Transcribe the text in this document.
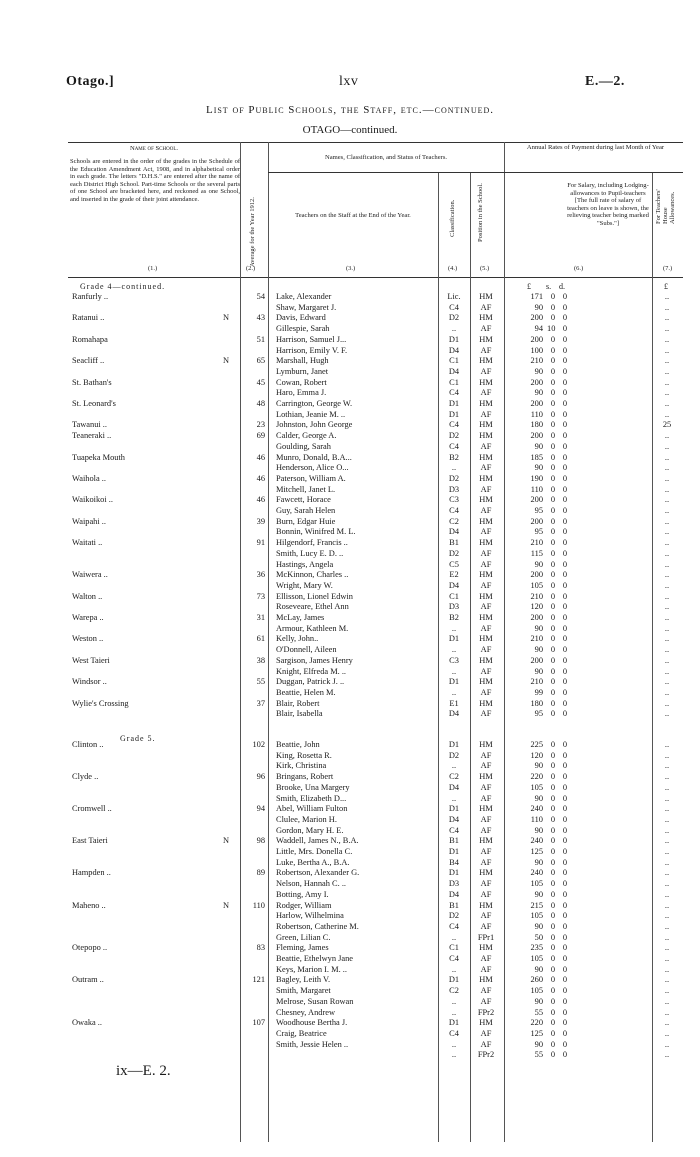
Otago.]	lxv	E.—2.
List of Public Schools, the Staff, etc.—continued.
OTAGO—continued.
Name of School.
Schools are entered in the order of the grades in the Schedule of the Education Amendment Act, 1908, and in alphabetical order in each grade. The letters "D.H.S." are entered after the name of each District High School. Part-time Schools or the several parts of one School are bracketed here, and reckoned as one School, and inserted in the grade of their joint attendance.	Average for the Year 1912.
Names, Classification, and Status of Teachers.
Teachers on the Staff at the End of the Year.	Classification.	Position in the School.
Annual Rates of Payment during last Month of Year
For Salary, including Lodging-allowances to Pupil-teachers [The full rate of salary of teachers on leave is shown, the relieving teacher being marked "Subs."]	For Teachers' House Allowances.
(1.)	(2.)	(3.)	(4.)	(5.)	(6.)	(7.)
Grade 4—continued.	£ s. d.	£
Ranfurly ..	54 Lake, Alexander	Lic.	HM	171 0 0	..
Shaw, Margaret J.	C4	AF	90 0 0	..
Ratanui ..	N	43 Davis, Edward	D2	HM	200 0 0	..
Gillespie, Sarah	..	AF	94 10 0	..
Romahapa	51 Harrison, Samuel J...	D1	HM	200 0 0	..
Harrison, Emily V. F.	D4	AF	100 0 0	..
Seacliff ..	N	65 Marshall, Hugh	C1	HM	210 0 0	..
Lymburn, Janet	D4	AF	90 0 0	..
St. Bathan's	45 Cowan, Robert	C1	HM	200 0 0	..
Haro, Emma J.	C4	AF	90 0 0	..
St. Leonard's	48 Carrington, George W.	D1	HM	200 0 0	..
Lothian, Jeanie M. ..	D1	AF	110 0 0	..
Tawanui ..	23 Johnston, John George	C4	HM	180 0 0	25
Teaneraki ..	69 Calder, George A.	D2	HM	200 0 0	..
Goulding, Sarah	C4	AF	90 0 0	..
Tuapeka Mouth	46 Munro, Donald, B.A...	B2	HM	185 0 0	..
Henderson, Alice O...	..	AF	90 0 0	..
Waihola ..	46 Paterson, William A.	D2	HM	190 0 0	..
Mitchell, Janet L.	D3	AF	110 0 0	..
Waikoikoi ..	46 Fawcett, Horace	C3	HM	200 0 0	..
Guy, Sarah Helen	C4	AF	95 0 0	..
Waipahi ..	39 Burn, Edgar Huie	C2	HM	200 0 0	..
Bonnin, Winifred M. L.	D4	AF	95 0 0	..
Waitati ..	91 Hilgendorf, Francis ..	B1	HM	210 0 0	..
Smith, Lucy E. D. ..	D2	AF	115 0 0	..
Hastings, Angela	C5	AF	90 0 0	..
Waiwera ..	36 McKinnon, Charles ..	E2	HM	200 0 0	..
Wright, Mary W.	D4	AF	105 0 0	..
Walton ..	73 Ellisson, Lionel Edwin	C1	HM	210 0 0	..
Roseveare, Ethel Ann	D3	AF	120 0 0	..
Warepa ..	31 McLay, James	B2	HM	200 0 0	..
Armour, Kathleen M.	..	AF	90 0 0	..
Weston ..	61 Kelly, John..	D1	HM	210 0 0	..
O'Donnell, Aileen	..	AF	90 0 0	..
West Taieri	38 Sargison, James Henry	C3	HM	200 0 0	..
Knight, Elfreda M. ..	..	AF	90 0 0	..
Windsor ..	55 Duggan, Patrick J. ..	D1	HM	210 0 0	..
Beattie, Helen M.	..	AF	99 0 0	..
Wylie's Crossing	37 Blair, Robert	E1	HM	180 0 0	..
Blair, Isabella	D4	AF	95 0 0	..
Grade 5.
Clinton ..	102 Beattie, John	D1	HM	225 0 0	..
King, Rosetta R.	D2	AF	120 0 0	..
Kirk, Christina	..	AF	90 0 0	..
Clyde ..	96 Bringans, Robert	C2	HM	220 0 0	..
Brooke, Una Margery	D4	AF	105 0 0	..
Smith, Elizabeth D...	..	AF	90 0 0	..
Cromwell ..	94 Abel, William Fulton	D1	HM	240 0 0	..
Clulee, Marion H.	D4	AF	110 0 0	..
Gordon, Mary H. E.	C4	AF	90 0 0	..
East Taieri	N	98 Waddell, James N., B.A.	B1	HM	240 0 0	..
Little, Mrs. Donella C.	D1	AF	125 0 0	..
Luke, Bertha A., B.A.	B4	AF	90 0 0	..
Hampden ..	89 Robertson, Alexander G.	D1	HM	240 0 0	..
Nelson, Hannah C. ..	D3	AF	105 0 0	..
Botting, Amy I.	D4	AF	90 0 0	..
Maheno ..	N	110 Rodger, William	B1	HM	215 0 0	..
Harlow, Wilhelmina	D2	AF	105 0 0	..
Robertson, Catherine M.	C4	AF	90 0 0	..
Green, Lilian C.	..	FPr1	50 0 0	..
Otepopo ..	83 Fleming, James	C1	HM	235 0 0	..
Beattie, Ethelwyn Jane	C4	AF	105 0 0	..
Keys, Marion I. M. ..	..	AF	90 0 0	..
Outram ..	121 Bagley, Leith V.	D1	HM	260 0 0	..
Smith, Margaret	C2	AF	105 0 0	..
Melrose, Susan Rowan	..	AF	90 0 0	..
Chesney, Andrew	..	FPr2	55 0 0	..
Owaka ..	107 Woodhouse Bertha J.	D1	HM	220 0 0	..
Craig, Beatrice	C4	AF	125 0 0	..
Smith, Jessie Helen ..	..	AF	90 0 0	..
..	FPr2	55 0 0	..
ix—E. 2.
